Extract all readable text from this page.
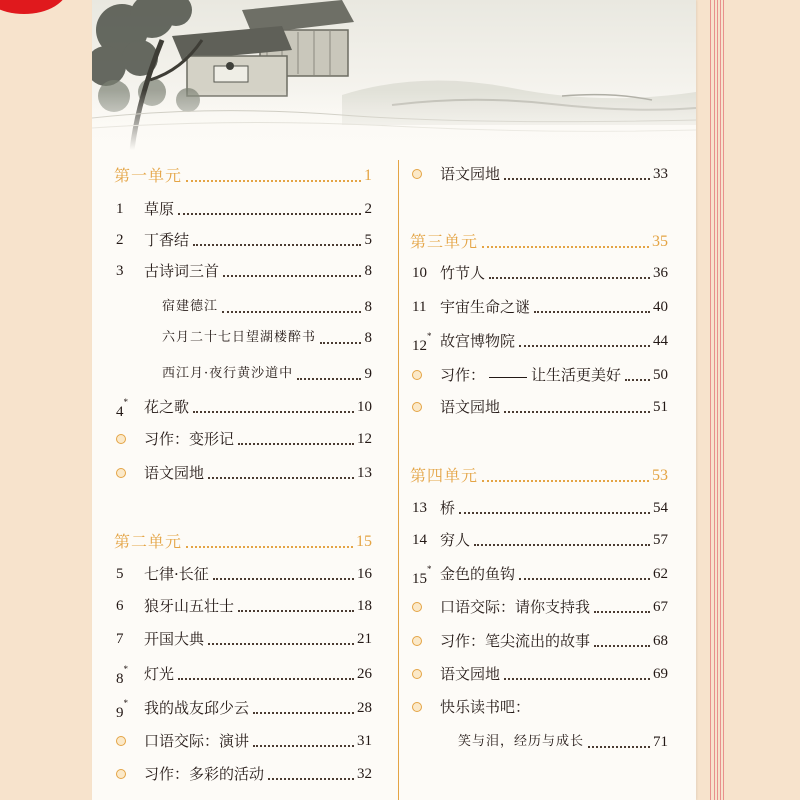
第一单元	1
1 草原	2
2 丁香结	5
3 古诗词三首	8
宿建德江	8
六月二十七日望湖楼醉书	8
西江月·夜行黄沙道中	9
4* 花之歌	10
习作：变形记	12
语文园地	13
第二单元	15
5 七律·长征	16
6 狼牙山五壮士	18
7 开国大典	21
8* 灯光	26
9* 我的战友邱少云	28
口语交际：演讲	31
习作：多彩的活动	32
语文园地	33
第三单元	35
10 竹节人	36
11 宇宙生命之谜	40
12* 故宫博物院	44
习作：	让生活更美好 50
语文园地	51
第四单元	53
13 桥	54
14 穷人	57
15* 金色的鱼钩	62
口语交际：请你支持我	67
习作：笔尖流出的故事	68
语文园地	69
快乐读书吧：
笑与泪，经历与成长	71
